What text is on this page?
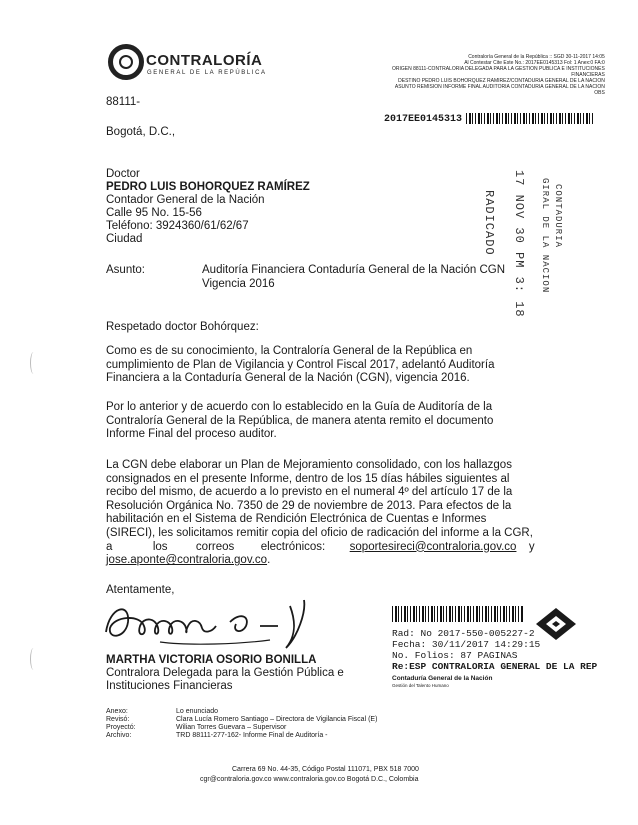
CONTRALORÍA
GENERAL DE LA REPÚBLICA
Contraloría General de la República :: SGD 30-11-2017 14:05
Al Contestar Cite Este No.: 2017EE0145313 Fol: 1 Anex:0 FA:0
ORIGEN 88111-CONTRALORIA DELEGADA PARA LA GESTION PUBLICA E INSTITUCIONES
FINANCIERAS
DESTINO PEDRO LUIS BOHORQUEZ RAMIREZ/CONTADURIA GENERAL DE LA NACION
ASUNTO REMISION INFORME FINAL AUDITORIA CONTADURIA GENERAL DE LA NACION
OBS
2017EE0145313
88111-
Bogotá, D.C.,
Doctor
PEDRO LUIS BOHORQUEZ RAMÍREZ
Contador General de la Nación
Calle 95 No. 15-56
Teléfono: 3924360/61/62/67
Ciudad	RADICADO 17 NOV 30 PM 3: 18 GIRAL DE LA NACION CONTADURIA
Asunto:	Auditoría Financiera Contaduría General de la Nación CGN
Vigencia 2016
Respetado doctor Bohórquez:
Como es de su conocimiento, la Contraloría General de la República en
cumplimiento de Plan de Vigilancia y Control Fiscal 2017, adelantó Auditoría
Financiera a la Contaduría General de la Nación (CGN), vigencia 2016.
Por lo anterior y de acuerdo con lo establecido en la Guía de Auditoría de la
Contraloría General de la República, de manera atenta remito el documento
Informe Final del proceso auditor.
La CGN debe elaborar un Plan de Mejoramiento consolidado, con los hallazgos
consignados en el presente Informe, dentro de los 15 días hábiles siguientes al
recibo del mismo, de acuerdo a lo previsto en el numeral 4º del artículo 17 de la
Resolución Orgánica No. 7350 de 29 de noviembre de 2013. Para efectos de la
habilitación en el Sistema de Rendición Electrónica de Cuentas e Informes
(SIRECI), les solicitamos remitir copia del oficio de radicación del informe a la CGR,
a	los correos electrónicos: soportesireci@contraloria.gov.co y
jose.aponte@contraloria.gov.co.
Atentamente,
MARTHA VICTORIA OSORIO BONILLA
Contralora Delegada para la Gestión Pública e
Instituciones Financieras
Rad: No 2017-550-005227-2
Fecha: 30/11/2017 14:29:15
No. Folios: 87 PAGINAS
Re:ESP CONTRALORIA GENERAL DE LA REP
Contaduría General de la Nación
Gestión del Talento Humano
Anexo:	Lo enunciado
Revisó:	Clara Lucía Romero Santiago – Directora de Vigilancia Fiscal (E)
Proyectó:	Wilian Torres Guevara – Supervisor
Archivo:	TRD 88111-277-162- Informe Final de Auditoría -
Carrera 69 No. 44-35, Código Postal 111071, PBX 518 7000
cgr@contraloria.gov.co www.contraloria.gov.co Bogotá D.C., Colombia
